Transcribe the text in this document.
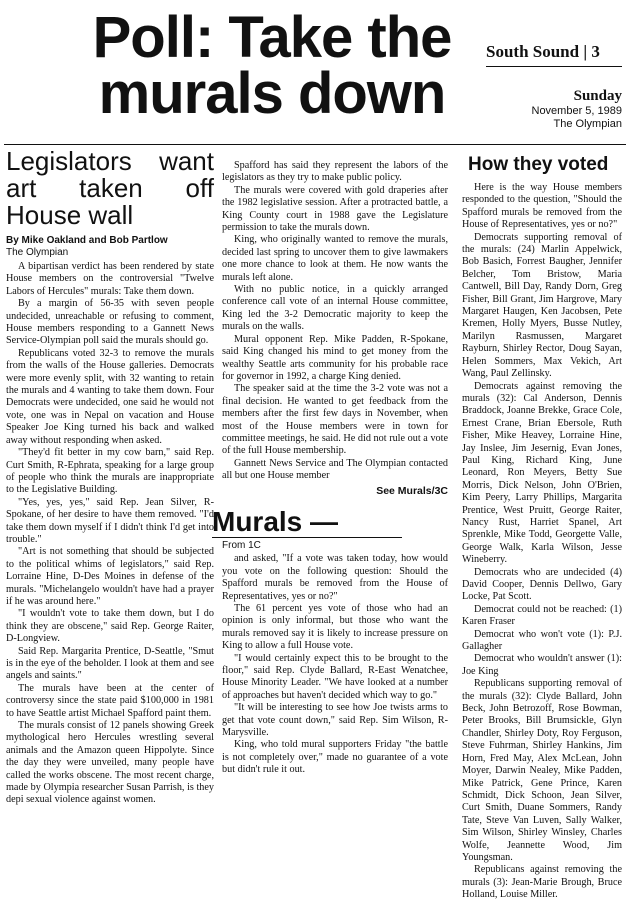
Poll: Take the murals down
South Sound | 3
Sunday
November 5, 1989
The Olympian
Legislators want art taken off House wall

By Mike Oakland and Bob Partlow

The Olympian

A bipartisan verdict has been rendered by state House members on the controversial "Twelve Labors of Hercules" murals: Take them down.

By a margin of 56-35 with seven people undecided, unreachable or refusing to comment, House members responding to a Gannett News Service-Olympian poll said the murals should go.

Republicans voted 32-3 to remove the murals from the walls of the House galleries. Democrats were more evenly split, with 32 wanting to retain the murals and 4 wanting to take them down. Four Democrats were undecided, one said he would not vote, one was in Nepal on vacation and House Speaker Joe King turned his back and walked away without responding when asked.

"They'd fit better in my cow barn," said Rep. Curt Smith, R-Ephrata, speaking for a large group of people who think the murals are inappropriate to the Legislative Building.

"Yes, yes, yes," said Rep. Jean Silver, R-Spokane, of her desire to have them removed. "I'd take them down myself if I didn't think I'd get into trouble."

"Art is not something that should be subjected to the political whims of legislators," said Rep. Lorraine Hine, D-Des Moines in defense of the murals. "Michelangelo wouldn't have had a prayer if he was around here."

"I wouldn't vote to take them down, but I do think they are obscene," said Rep. George Raiter, D-Longview.

Said Rep. Margarita Prentice, D-Seattle, "Smut is in the eye of the beholder. I look at them and see angels and saints."

The murals have been at the center of controversy since the state paid $100,000 in 1981 to have Seattle artist Michael Spafford paint them.

The murals consist of 12 panels showing Greek mythological hero Hercules wrestling several animals and the Amazon queen Hippolyte. Since the day they were unveiled, many people have called the works obscene. The most recent charge, made by Olympia researcher Susan Parrish, is they depi sexual violence against women.

Spafford has said they represent the labors of the legislators as they try to make public policy.

The murals were covered with gold draperies after the 1982 legislative session. After a protracted battle, a King County court in 1988 gave the Legislature permission to take the murals down.

King, who originally wanted to remove the murals, decided last spring to uncover them to give lawmakers one more chance to look at them. He now wants the murals left alone.

With no public notice, in a quickly arranged conference call vote of an internal House committee, King led the 3-2 Democratic majority to keep the murals on the walls.

Mural opponent Rep. Mike Padden, R-Spokane, said King changed his mind to get money from the wealthy Seattle arts community for his probable race for governor in 1992, a charge King denied.

The speaker said at the time the 3-2 vote was not a final decision. He wanted to get feedback from the members after the first few days in November, when most of the House members were in town for committee meetings, he said. He did not rule out a vote of the full House membership.

Gannett News Service and The Olympian contacted all but one House member

See Murals/3C

Murals —

From 1C

and asked, "If a vote was taken today, how would you vote on the following question: Should the Spafford murals be removed from the House of Representatives, yes or no?"

The 61 percent yes vote of those who had an opinion is only informal, but those who want the murals removed say it is likely to increase pressure on King to allow a full House vote.

"I would certainly expect this to be brought to the floor," said Rep. Clyde Ballard, R-East Wenatchee, House Minority Leader. "We have looked at a number of approaches but haven't decided which way to go."

"It will be interesting to see how Joe twists arms to get that vote count down," said Rep. Sim Wilson, R-Marysville.

King, who told mural supporters Friday "the battle is not completely over," made no guarantee of a vote but didn't rule it out.

How they voted

Here is the way House members responded to the question, "Should the Spafford murals be removed from the House of Representatives, yes or no?"

Democrats supporting removal of the murals: (24) Marlin Appelwick, Bob Basich, Forrest Baugher, Jennifer Belcher, Tom Bristow, Maria Cantwell, Bill Day, Randy Dorn, Greg Fisher, Bill Grant, Jim Hargrove, Mary Margaret Haugen, Ken Jacobsen, Pete Kremen, Holly Myers, Busse Nutley, Marilyn Rasmussen, Margaret Rayburn, Shirley Rector, Doug Sayan, Helen Sommers, Max Vekich, Art Wang, Paul Zellinsky.

Democrats against removing the murals (32): Cal Anderson, Dennis Braddock, Joanne Brekke, Grace Cole, Ernest Crane, Brian Ebersole, Ruth Fisher, Mike Heavey, Lorraine Hine, Jay Inslee, Jim Jesernig, Evan Jones, Paul King, Richard King, June Leonard, Ron Meyers, Betty Sue Morris, Dick Nelson, John O'Brien, Kim Peery, Larry Phillips, Margarita Prentice, West Pruitt, George Raiter, Nancy Rust, Harriet Spanel, Art Sprenkle, Mike Todd, Georgette Valle, George Walk, Karla Wilson, Jesse Wineberry.

Democrats who are undecided (4) David Cooper, Dennis Dellwo, Gary Locke, Pat Scott.

Democrat could not be reached: (1) Karen Fraser

Democrat who won't vote (1): P.J. Gallagher

Democrat who wouldn't answer (1): Joe King

Republicans supporting removal of the murals (32): Clyde Ballard, John Beck, John Betrozoff, Rose Bowman, Peter Brooks, Bill Brumsickle, Glyn Chandler, Shirley Doty, Roy Ferguson, Steve Fuhrman, Shirley Hankins, Jim Horn, Fred May, Alex McLean, John Moyer, Darwin Nealey, Mike Padden, Mike Patrick, Gene Prince, Karen Schmidt, Dick Schoon, Jean Silver, Curt Smith, Duane Sommers, Randy Tate, Steve Van Luven, Sally Walker, Sim Wilson, Shirley Winsley, Charles Wolfe, Jeannette Wood, Jim Youngsman.

Republicans against removing the murals (3): Jean-Marie Brough, Bruce Holland, Louise Miller.
